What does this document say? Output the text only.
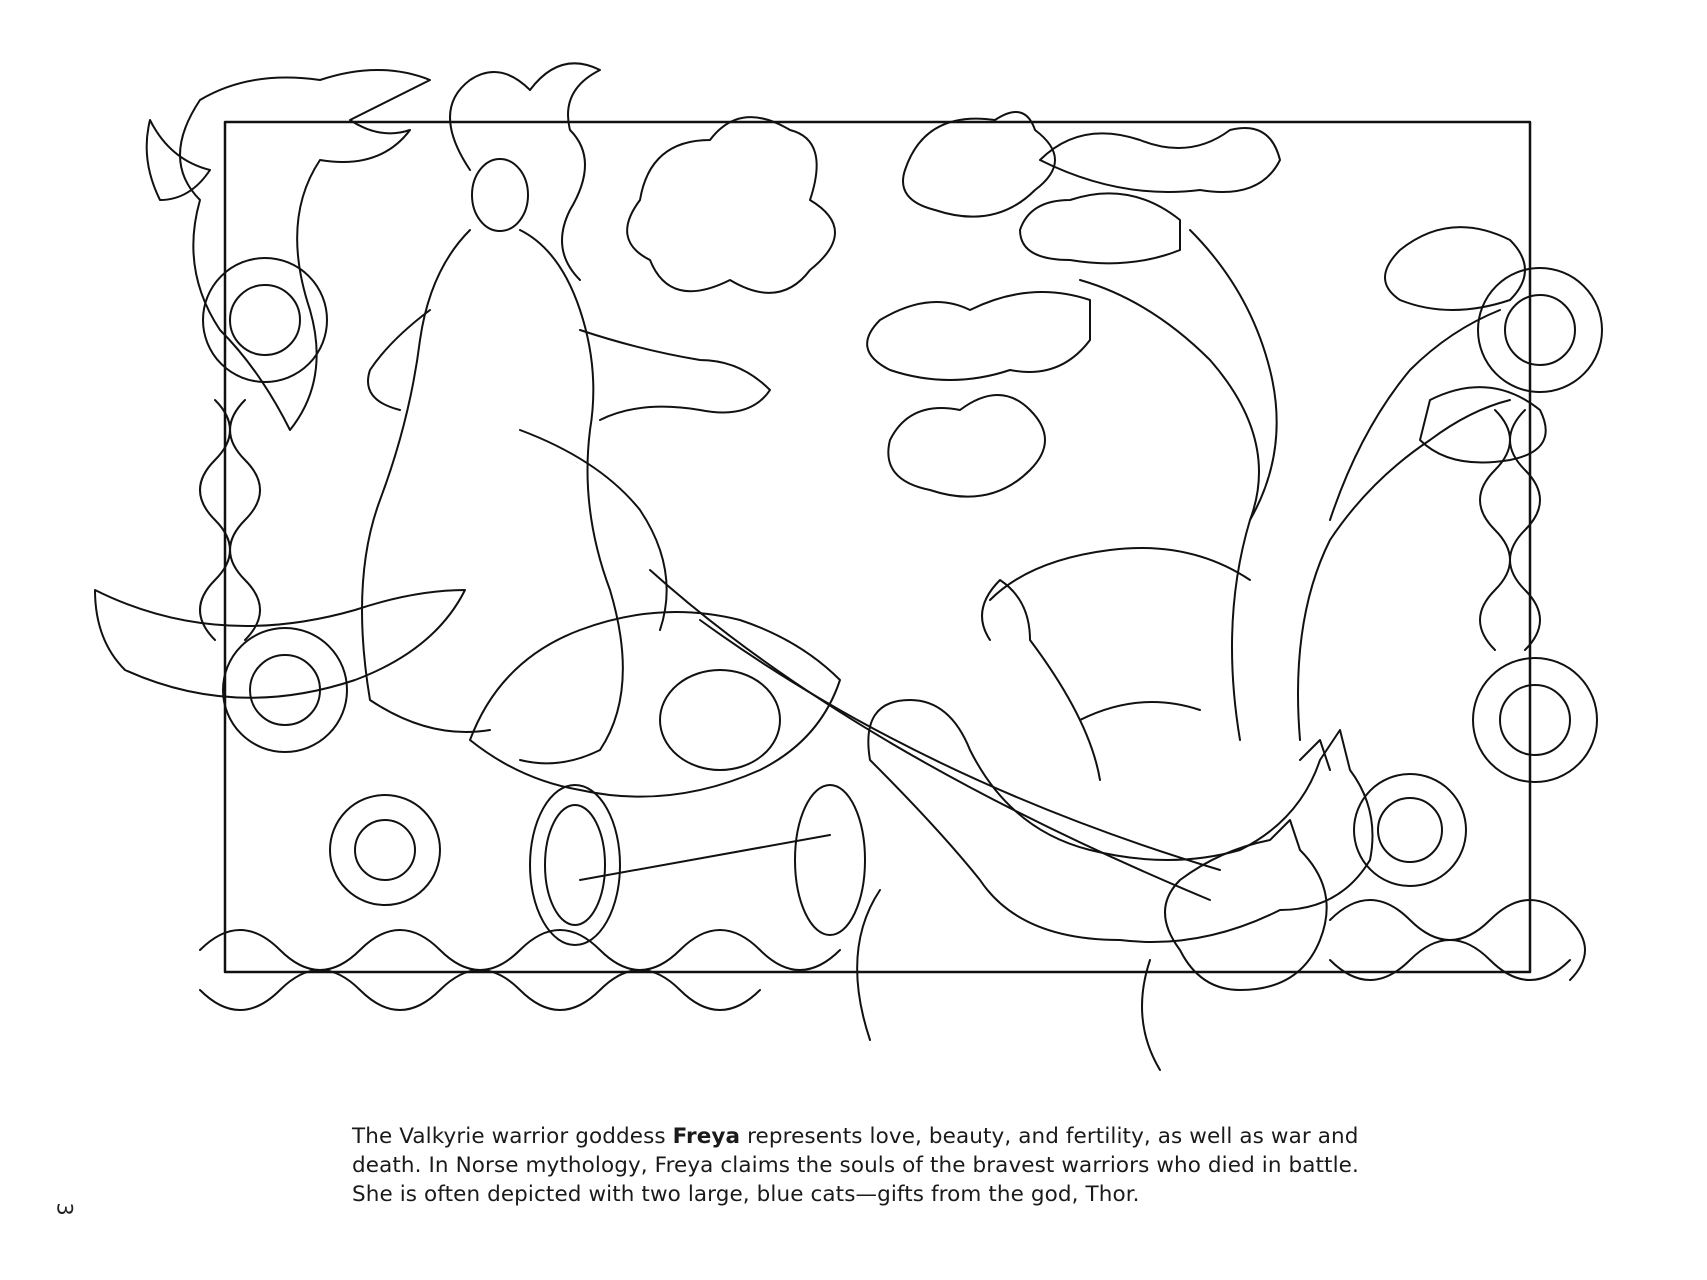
The Valkyrie warrior goddess Freya represents love, beauty, and fertility, as well as war and

death. In Norse mythology, Freya claims the souls of the bravest warriors who died in battle.

She is often depicted with two large, blue cats—gifts from the god, Thor.

3
